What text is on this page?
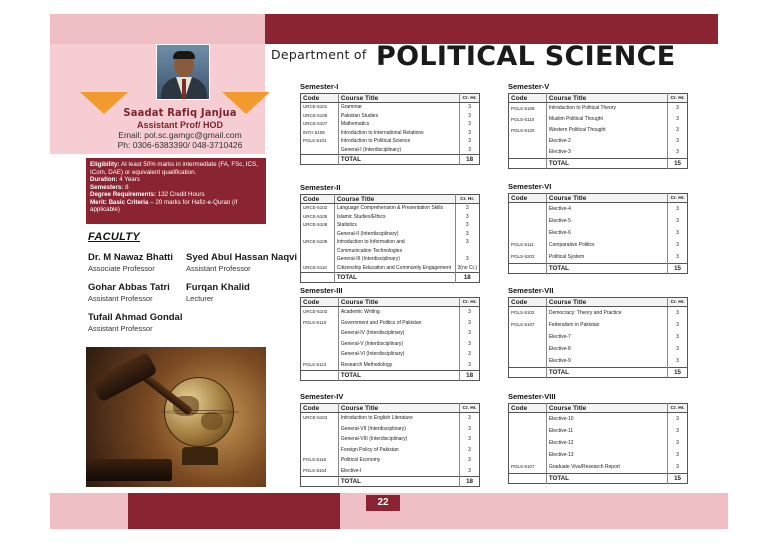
Saadat Rafiq Janjua
Assistant Prof/ HOD
Email: pol.sc.gamgc@gmail.com
Ph: 0306-6383390/ 048-3710426
Eligibility: At least 50% marks in intermediate (FA, FSc, ICS, ICom, DAE) or equivalent qualification.
Duration: 4 Years
Semesters: 8
Degree Requirements: 132 Credit Hours
Merit: Basic Criteria – 20 marks for Hafiz-e-Quran (if applicable)
FACULTY
Dr. M Nawaz Bhatti
Associate Professor
Syed Abul Hassan Naqvi
Assistant Professor
Gohar Abbas Tatri
Assistant Professor
Furqan Khalid
Lecturer
Tufail Ahmad Gondal
Assistant Professor
Department of POLITICAL SCIENCE
Semester-I
Code	Course Title	Cr. Hr.
URCE-5101	Grammar	3
URCE-5106	Pakistan Studies	3
URCE-5107	Mathematics	3
INTH 5108	Introduction to International Relations	3
POLS-5101	Introduction to Political Science	3
	General-I (Interdisciplinary)	3
	TOTAL	18
Semester-II
Code	Course Title	Cr. Hr.
URCE-5102	Language Comprehension & Presentation Skills	3
URCE-5105	Islamic Studies/Ethics	3
URCE-5108	Statistics	3
	General-II (Interdisciplinary)	3
URCE-5109	Introduction to Information and	3
	Communication Technologies	
	General-III (Interdisciplinary)	3
URCE-5110	Citizenship Education and Community Engagement	3(no Cr.)
	TOTAL	18
Semester-III
Code	Course Title	Cr. Hr.
URCE-5103	Academic Writing	3
POLS-5115	Government and Politics of Pakistan	3
	General-IV (Interdisciplinary)	3
	General-V (Interdisciplinary)	3
	General-VI (Interdisciplinary)	3
POLS-5113	Research Methodology	3
	TOTAL	18
Semester-IV
Code	Course Title	Cr. Hr.
URCE-5104	Introduction to English Literature	3
	General-VII (Interdisciplinary)	3
	General-VIII (Interdisciplinary)	3
	Foreign Policy of Pakistan	3
POLS-5116	Political Economy	3
POLS-5104	Elective-I	3
	TOTAL	18
Semester-V
Code	Course Title	Cr. Hr.
POLS-5109	Introduction to Political Theory	3
POLS-5110	Muslim Political Thought	3
POLS-5120	Western Political Thought	3
	Elective-2	3
	Elective-3	3
	TOTAL	15
Semester-VI
Code	Course Title	Cr. Hr.
	Elective-4	3
	Elective-5	3
	Elective-6	3
POLS-5111	Comparative Politics	3
POLS-5203	Political System	3
	TOTAL	15
Semester-VII
Code	Course Title	Cr. Hr.
POLS-5102	Democracy: Theory and Practice	3
POLS-5107	Federalism in Pakistan	3
	Elective-7	3
	Elective-8	3
	Elective-9	3
	TOTAL	15
Semester-VIII
Code	Course Title	Cr. Hr.
	Elective-10	3
	Elective-11	3
	Elective-12	3
	Elective-13	3
POLS-5107	Graduate Viva/Research Report	3
	TOTAL	15
22
